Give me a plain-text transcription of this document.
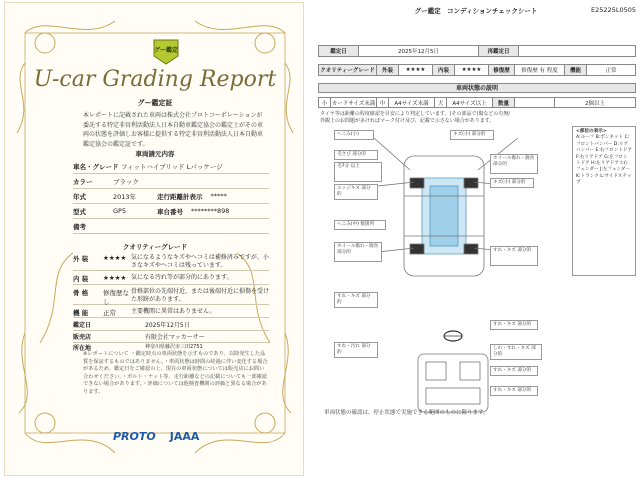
グー鑑定
U-car Grading Report
グー鑑定証
本レポートに記載された車両は株式会社プロトコーポレーションが委託する特定非営利活動法人日本自動車鑑定協会の鑑定士がその車両の状態を評価しお客様に提供する特定非営利活動法人日本自動車鑑定協会の鑑定証です。
車両請元内容
車名・グレード フィットハイブリッド Lパッケージ
カラー	ブラック
年式	2013年	走行距離計表示 *****
型式	GP5	車台番号 ********898
備考
クオリティーグレード
外 装	★★★★ 気になるようなキズやヘコミは補修済みですが、小さなキズやヘコミは残っています。
内 装	★★★★ 気になる汚れ等が部分的にあります。
骨 格	修復歴なし
骨格部位の先端付近、または後端付近に損傷を受けた形跡があります。
機 能	正常	主要機関に異常はありません。
鑑定日	2025年12月5日
販売店	有限会社マッカーサー
所在地	神奈川県藤沢市三田2751
※レポートについて ・鑑定時点の車両状態を示すものであり、以降発生した品質を保証するものではありません。・車両状態は時間の経過に伴い変化する場合があるため、鑑定日をご確認の上、現在の車両状態については販売店にお問い合わせください。・ボルト・ナット等、走行距離などの記載についても一部確認できない場合があります。・評価については他検査機関の評価と異なる場合があります。
PROTO JAAA
グー鑑定　コンディションチェックシート	E25225L0505
鑑定日	2025年12月5日	再鑑定日
クオリティーグレード	外装	★★★★	内装	★★★★	修復歴	修復歴 有 程度	機能	正常
車両状態の説明
小 カードサイズ未満 中	A4サイズ未満	大	A4サイズ以上	数量	2個以上
タイヤ等は距離の程度確認を目安により判定しています。(その部品で)傷などの有無/
外観上のお問題が多ければマーク付け及び、記載で示さない場合があります。
へこみ(小)	キズ(小) 部分的
毛さび 部分的
毛7分 以上
ホイール傷れ・腐食 部分的
エッジキズ 部分的
キズ(小) 部分的
へこみ(中) 数箇所
ホイール傷れ・腐食 部分的	すれ・キズ 部分的
すれ・キズ 部分的
すれ・キズ 部分的
しわ・すれ・キズ 部分的
すれ・キズ 部分的
すれ・キズ 部分的
すれ・汚れ 部分的
<部位の表示>
A:ルーフ B:ボンネット C:フロントバンパー D:リアバンパー E:右フロントドア F:右リアドア G:左フロントドア H:左リアドア I:右フェンダー J:左フェンダー K:トランク L:サイドステップ
車両状態の確認は、停止状態で実施できる範囲のものに限ります。
